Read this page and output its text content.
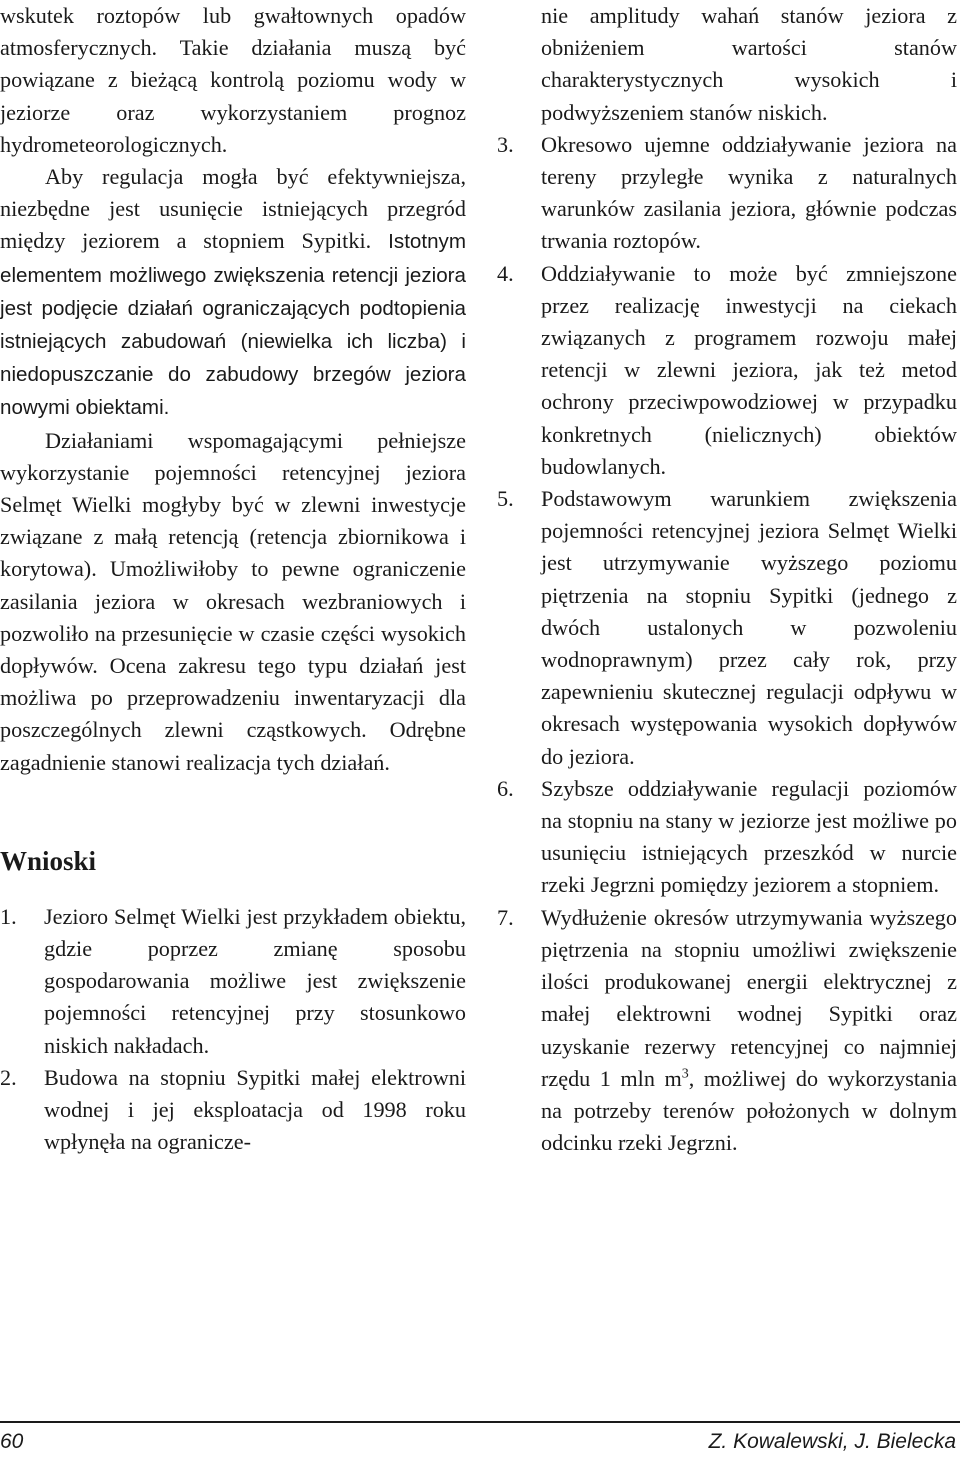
wskutek roztopów lub gwałtownych opadów atmosferycznych. Takie działania muszą być powiązane z bieżącą kontrolą poziomu wody w jeziorze oraz wykorzystaniem prognoz hydrometeorologicznych.

Aby regulacja mogła być efektywniejsza, niezbędne jest usunięcie istniejących przegród między jeziorem a stopniem Sypitki. Istotnym elementem możliwego zwiększenia retencji jeziora jest podjęcie działań ograniczających podtopienia istniejących zabudowań (niewielka ich liczba) i niedopuszczanie do zabudowy brzegów jeziora nowymi obiektami.

Działaniami wspomagającymi pełniejsze wykorzystanie pojemności retencyjnej jeziora Selmęt Wielki mogłyby być w zlewni inwestycje związane z małą retencją (retencja zbiornikowa i korytowa). Umożliwiłoby to pewne ograniczenie zasilania jeziora w okresach wezbraniowych i pozwoliło na przesunięcie w czasie części wysokich dopływów. Ocena zakresu tego typu działań jest możliwa po przeprowadzeniu inwentaryzacji dla poszczególnych zlewni cząstkowych. Odrębne zagadnienie stanowi realizacja tych działań.

Wnioski
1. Jezioro Selmęt Wielki jest przykładem obiektu, gdzie poprzez zmianę sposobu gospodarowania możliwe jest zwiększenie pojemności retencyjnej przy stosunkowo niskich nakładach.
2. Budowa na stopniu Sypitki małej elektrowni wodnej i jej eksploatacja od 1998 roku wpłynęła na ogranicze-
nie amplitudy wahań stanów jeziora z obniżeniem wartości stanów charakterystycznych wysokich i podwyższeniem stanów niskich.
3. Okresowo ujemne oddziaływanie jeziora na tereny przyległe wynika z naturalnych warunków zasilania jeziora, głównie podczas trwania roztopów.
4. Oddziaływanie to może być zmniejszone przez realizację inwestycji na ciekach związanych z programem rozwoju małej retencji w zlewni jeziora, jak też metod ochrony przeciwpowodziowej w przypadku konkretnych (nielicznych) obiektów budowlanych.
5. Podstawowym warunkiem zwiększenia pojemności retencyjnej jeziora Selmęt Wielki jest utrzymywanie wyższego poziomu piętrzenia na stopniu Sypitki (jednego z dwóch ustalonych w pozwoleniu wodnoprawnym) przez cały rok, przy zapewnieniu skutecznej regulacji odpływu w okresach występowania wysokich dopływów do jeziora.
6. Szybsze oddziaływanie regulacji poziomów na stopniu na stany w jeziorze jest możliwe po usunięciu istniejących przeszkód w nurcie rzeki Jegrzni pomiędzy jeziorem a stopniem.
7. Wydłużenie okresów utrzymywania wyższego piętrzenia na stopniu umożliwi zwiększenie ilości produkowanej energii elektrycznej z małej elektrowni wodnej Sypitki oraz uzyskanie rezerwy retencyjnej co najmniej rzędu 1 mln $m^3$, możliwej do wykorzystania na potrzeby terenów położonych w dolnym odcinku rzeki Jegrzni.
60	Z. Kowalewski, J. Bielecka
